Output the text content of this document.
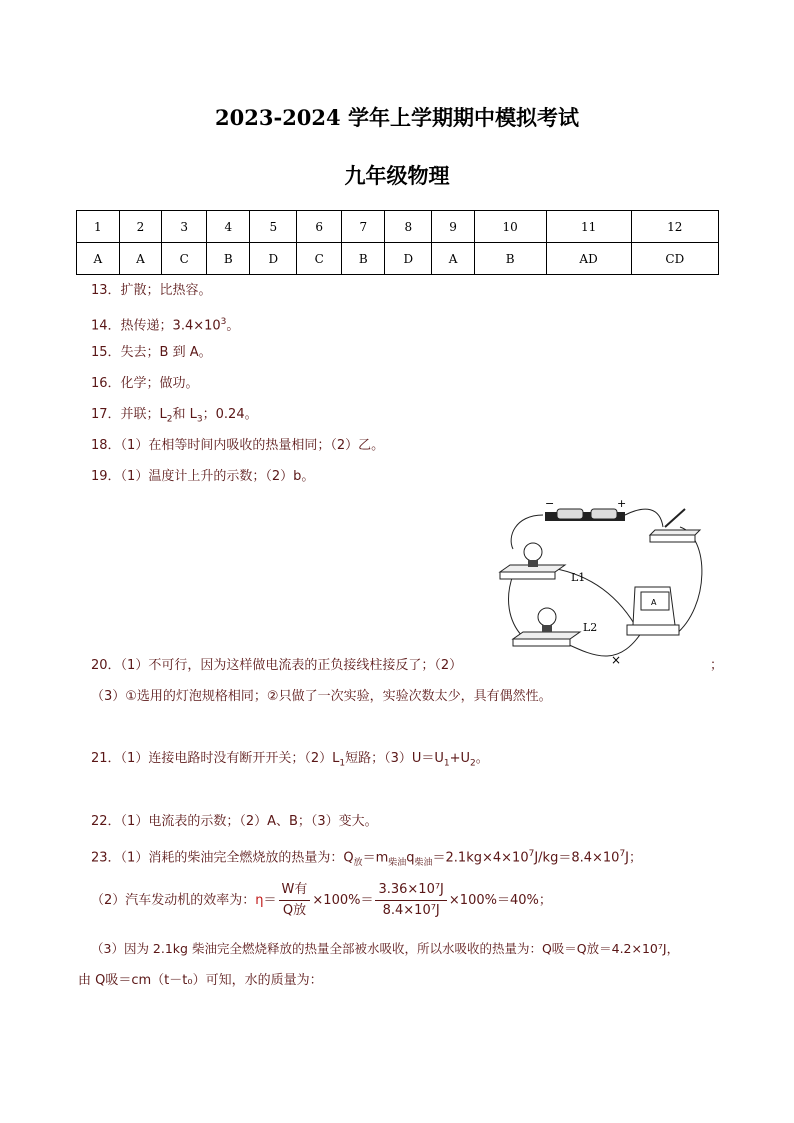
2023-2024 学年上学期期中模拟考试
九年级物理
1	2	3	4	5	6	7	8	9	10	11	12
A	A	C	B	D	C	B	D	A	B	AD	CD
13．扩散；比热容。
14．热传递；$3.4\times 10^3$。
15．失去；B 到 A。
16．化学；做功。
17．并联；$L_2$和 $L_3$；0.24。
18．（1）在相等时间内吸收的热量相同；（2）乙。
19．（1）温度计上升的示数；（2）b。
−	+
L1
L2
A
×
20．（1）不可行，因为这样做电流表的正负接线柱接反了；（2）	；
（3）①选用的灯泡规格相同；②只做了一次实验，实验次数太少，具有偶然性。
21．（1）连接电路时没有断开开关；$(2)L_1$短路；$(3)U=U_1+U_2$。
22．（1）电流表的示数；（2）A、B；（3）变大。
23．（1）消耗的柴油完全燃烧放的热量为：$Q_放=m_{柴油}q_{柴油}=2.1kg\times 4\times 10^7J/kg=8.4\times 10^7J$；
（2）汽车发动机的效率为：$\eta= \frac{\text{W有}}{\text{Q放}} \times 100\%= \frac{\text{3.36×10⁷J}}{\text{8.4×10⁷J}} \times 100\%=40\%$；
（3）因为 2.1kg 柴油完全燃烧释放的热量全部被水吸收，所以水吸收的热量为：Q吸＝Q放＝4.2×10⁷J，
由 Q吸＝cm（t－t₀）可知，水的质量为：
